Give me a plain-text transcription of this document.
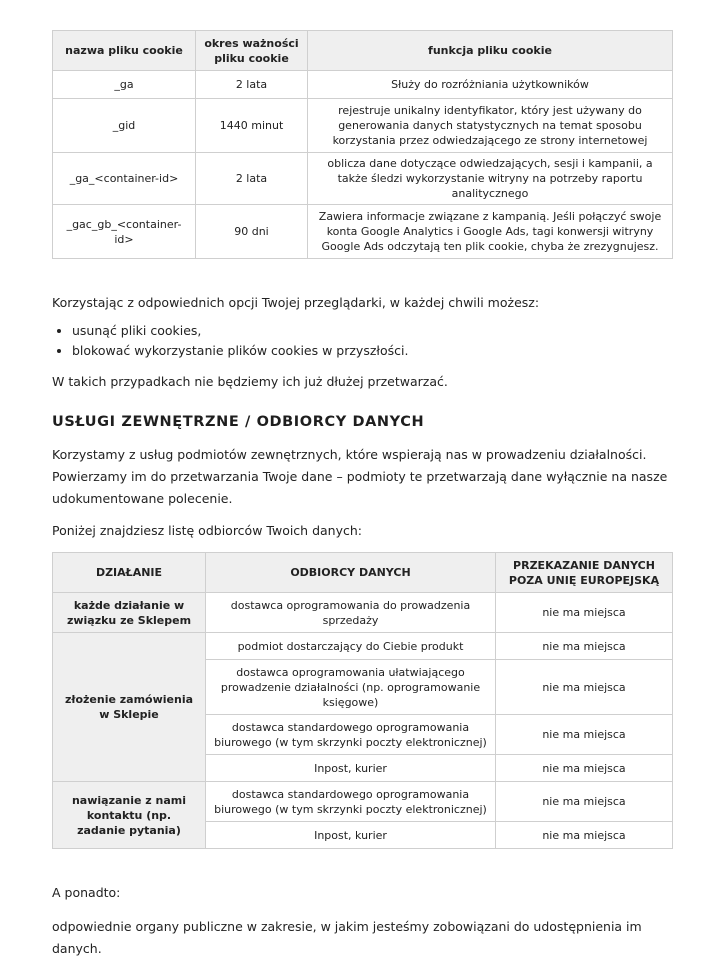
nazwa pliku cookie	okres ważności pliku cookie	funkcja pliku cookie
_ga	2 lata	Służy do rozróżniania użytkowników
_gid	1440 minut	rejestruje unikalny identyfikator, który jest używany do generowania danych statystycznych na temat sposobu korzystania przez odwiedzającego ze strony internetowej
_ga_<container-id>	2 lata	oblicza dane dotyczące odwiedzających, sesji i kampanii, a także śledzi wykorzystanie witryny na potrzeby raportu analitycznego
_gac_gb_<container-id>	90 dni	Zawiera informacje związane z kampanią. Jeśli połączyć swoje konta Google Analytics i Google Ads, tagi konwersji witryny Google Ads odczytają ten plik cookie, chyba że zrezygnujesz.

Korzystając z odpowiednich opcji Twojej przeglądarki, w każdej chwili możesz:

• usunąć pliki cookies,
• blokować wykorzystanie plików cookies w przyszłości.

W takich przypadkach nie będziemy ich już dłużej przetwarzać.

USŁUGI ZEWNĘTRZNE / ODBIORCY DANYCH

Korzystamy z usług podmiotów zewnętrznych, które wspierają nas w prowadzeniu działalności. Powierzamy im do przetwarzania Twoje dane – podmioty te przetwarzają dane wyłącznie na nasze udokumentowane polecenie.

Poniżej znajdziesz listę odbiorców Twoich danych:

DZIAŁANIE	ODBIORCY DANYCH	PRZEKAZANIE DANYCH POZA UNIĘ EUROPEJSKĄ
każde działanie w związku ze Sklepem	dostawca oprogramowania do prowadzenia sprzedaży	nie ma miejsca
złożenie zamówienia w Sklepie	podmiot dostarczający do Ciebie produkt	nie ma miejsca
	dostawca oprogramowania ułatwiającego prowadzenie działalności (np. oprogramowanie księgowe)	nie ma miejsca
	dostawca standardowego oprogramowania biurowego (w tym skrzynki poczty elektronicznej)	nie ma miejsca
	Inpost, kurier	nie ma miejsca
nawiązanie z nami kontaktu (np. zadanie pytania)	dostawca standardowego oprogramowania biurowego (w tym skrzynki poczty elektronicznej)	nie ma miejsca
	Inpost, kurier	nie ma miejsca

A ponadto:

odpowiednie organy publiczne w zakresie, w jakim jesteśmy zobowiązani do udostępnienia im danych.
